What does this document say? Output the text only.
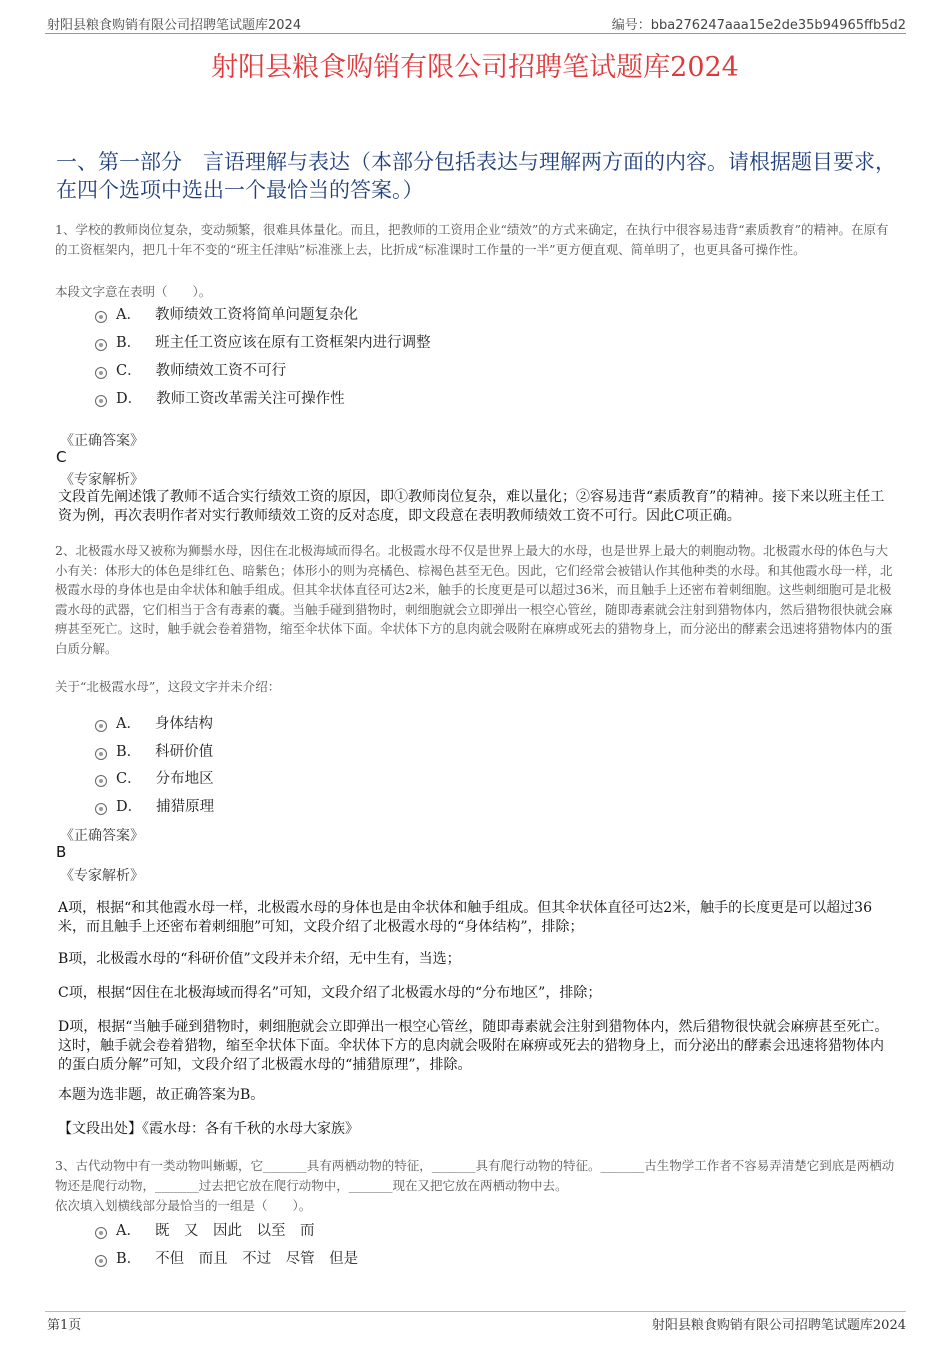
射阳县粮食购销有限公司招聘笔试题库2024	编号：bba276247aaa15e2de35b94965ffb5d2
射阳县粮食购销有限公司招聘笔试题库2024
一、第一部分　言语理解与表达（本部分包括表达与理解两方面的内容。请根据题目要求，在四个选项中选出一个最恰当的答案。）
1、学校的教师岗位复杂，变动频繁，很难具体量化。而且，把教师的工资用企业“绩效”的方式来确定，在执行中很容易违背“素质教育”的精神。在原有的工资框架内，把几十年不变的“班主任津贴”标准涨上去，比折成“标准课时工作量的一半”更方便直观、简单明了，也更具备可操作性。
本段文字意在表明（　　）。
A． 教师绩效工资将简单问题复杂化
B． 班主任工资应该在原有工资框架内进行调整
C． 教师绩效工资不可行
D． 教师工资改革需关注可操作性
《正确答案》
C
《专家解析》
文段首先阐述饿了教师不适合实行绩效工资的原因，即①教师岗位复杂，难以量化；②容易违背“素质教育”的精神。接下来以班主任工资为例，再次表明作者对实行教师绩效工资的反对态度，即文段意在表明教师绩效工资不可行。因此C项正确。
2、北极霞水母又被称为狮鬃水母，因住在北极海域而得名。北极霞水母不仅是世界上最大的水母，也是世界上最大的刺胞动物。北极霞水母的体色与大小有关：体形大的体色是绯红色、暗紫色；体形小的则为亮橘色、棕褐色甚至无色。因此，它们经常会被错认作其他种类的水母。和其他霞水母一样，北极霞水母的身体也是由伞状体和触手组成。但其伞状体直径可达2米，触手的长度更是可以超过36米，而且触手上还密布着刺细胞。这些刺细胞可是北极霞水母的武器，它们相当于含有毒素的囊。当触手碰到猎物时，刺细胞就会立即弹出一根空心管丝，随即毒素就会注射到猎物体内，然后猎物很快就会麻痹甚至死亡。这时，触手就会卷着猎物，缩至伞状体下面。伞状体下方的息肉就会吸附在麻痹或死去的猎物身上，而分泌出的酵素会迅速将猎物体内的蛋白质分解。
关于“北极霞水母”，这段文字并未介绍：
A． 身体结构
B． 科研价值
C． 分布地区
D． 捕猎原理
《正确答案》
B
《专家解析》
A项，根据“和其他霞水母一样，北极霞水母的身体也是由伞状体和触手组成。但其伞状体直径可达2米，触手的长度更是可以超过36米，而且触手上还密布着刺细胞”可知，文段介绍了北极霞水母的“身体结构”，排除；
B项，北极霞水母的“科研价值”文段并未介绍，无中生有，当选；
C项，根据“因住在北极海域而得名”可知，文段介绍了北极霞水母的“分布地区”，排除；
D项，根据“当触手碰到猎物时，刺细胞就会立即弹出一根空心管丝，随即毒素就会注射到猎物体内，然后猎物很快就会麻痹甚至死亡。这时，触手就会卷着猎物，缩至伞状体下面。伞状体下方的息肉就会吸附在麻痹或死去的猎物身上，而分泌出的酵素会迅速将猎物体内的蛋白质分解”可知，文段介绍了北极霞水母的“捕猎原理”，排除。
本题为选非题，故正确答案为B。
【文段出处】《霞水母：各有千秋的水母大家族》
3、古代动物中有一类动物叫蜥螈，它_______具有两栖动物的特征，_______具有爬行动物的特征。_______古生物学工作者不容易弄清楚它到底是两栖动物还是爬行动物，_______过去把它放在爬行动物中，_______现在又把它放在两栖动物中去。
依次填入划横线部分最恰当的一组是（　　）。
A． 既　又　因此　以至　而
B． 不但　而且　不过　尽管　但是
第1页	射阳县粮食购销有限公司招聘笔试题库2024
